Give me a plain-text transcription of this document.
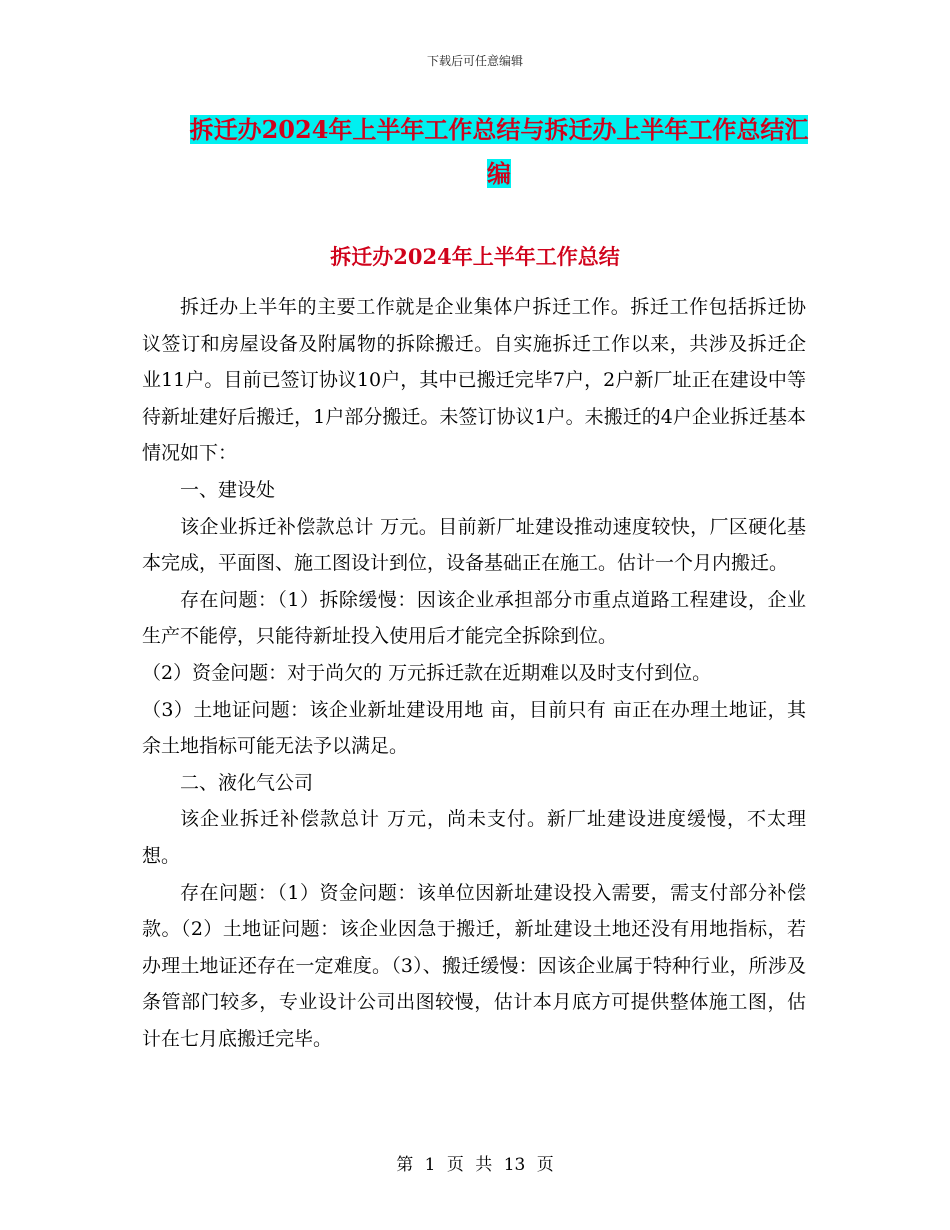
下载后可任意编辑
拆迁办2024年上半年工作总结与拆迁办上半年工作总结汇编
拆迁办2024年上半年工作总结

拆迁办上半年的主要工作就是企业集体户拆迁工作。拆迁工作包括拆迁协议签订和房屋设备及附属物的拆除搬迁。自实施拆迁工作以来，共涉及拆迁企业11户。目前已签订协议10户，其中已搬迁完毕7户，2户新厂址正在建设中等待新址建好后搬迁，1户部分搬迁。未签订协议1户。未搬迁的4户企业拆迁基本情况如下：

一、建设处

该企业拆迁补偿款总计 万元。目前新厂址建设推动速度较快，厂区硬化基本完成，平面图、施工图设计到位，设备基础正在施工。估计一个月内搬迁。

存在问题：（1）拆除缓慢：因该企业承担部分市重点道路工程建设，企业生产不能停，只能待新址投入使用后才能完全拆除到位。

（2）资金问题：对于尚欠的 万元拆迁款在近期难以及时支付到位。

（3）土地证问题：该企业新址建设用地 亩，目前只有 亩正在办理土地证，其余土地指标可能无法予以满足。

二、液化气公司

该企业拆迁补偿款总计 万元，尚未支付。新厂址建设进度缓慢，不太理想。

存在问题：（1）资金问题：该单位因新址建设投入需要，需支付部分补偿款。（2）土地证问题：该企业因急于搬迁，新址建设土地还没有用地指标，若办理土地证还存在一定难度。（3）、搬迁缓慢：因该企业属于特种行业，所涉及条管部门较多，专业设计公司出图较慢，估计本月底方可提供整体施工图，估计在七月底搬迁完毕。

第 1 页 共 13 页
